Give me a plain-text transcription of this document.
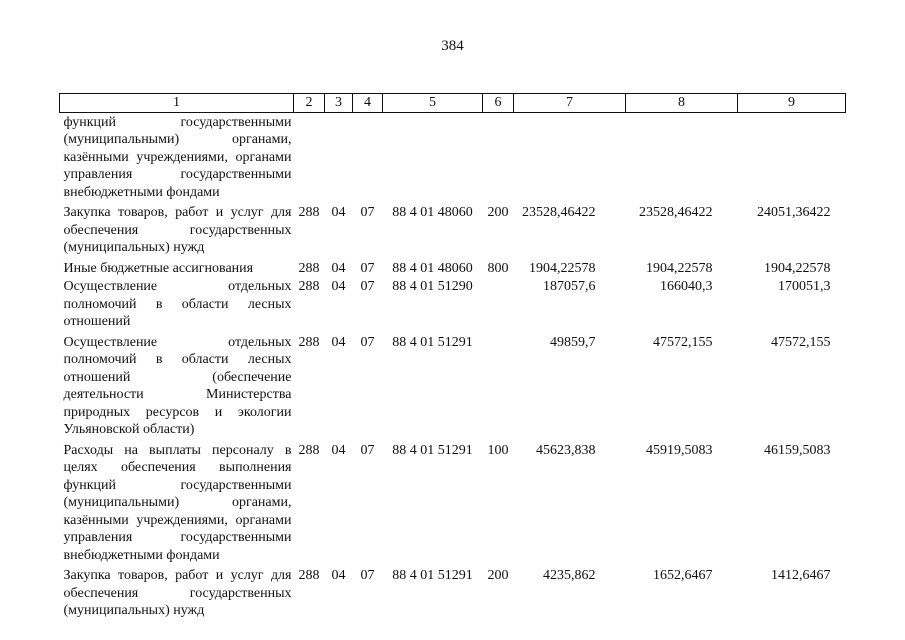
384
1	2	3	4	5	6	7	8	9
функций государственными (муниципальными) органами, казёнными учреждениями, органами управления государственными внебюджетными фондами								
Закупка товаров, работ и услуг для обеспечения государственных (муниципальных) нужд	288	04	07	88 4 01 48060	200	23528,46422	23528,46422	24051,36422
Иные бюджетные ассигнования	288	04	07	88 4 01 48060	800	1904,22578	1904,22578	1904,22578
Осуществление отдельных полномочий в области лесных отношений	288	04	07	88 4 01 51290		187057,6	166040,3	170051,3
Осуществление отдельных полномочий в области лесных отношений (обеспечение деятельности Министерства природных ресурсов и экологии Ульяновской области)	288	04	07	88 4 01 51291		49859,7	47572,155	47572,155
Расходы на выплаты персоналу в целях обеспечения выполнения функций государственными (муниципальными) органами, казёнными учреждениями, органами управления государственными внебюджетными фондами	288	04	07	88 4 01 51291	100	45623,838	45919,5083	46159,5083
Закупка товаров, работ и услуг для обеспечения государственных (муниципальных) нужд	288	04	07	88 4 01 51291	200	4235,862	1652,6467	1412,6467
